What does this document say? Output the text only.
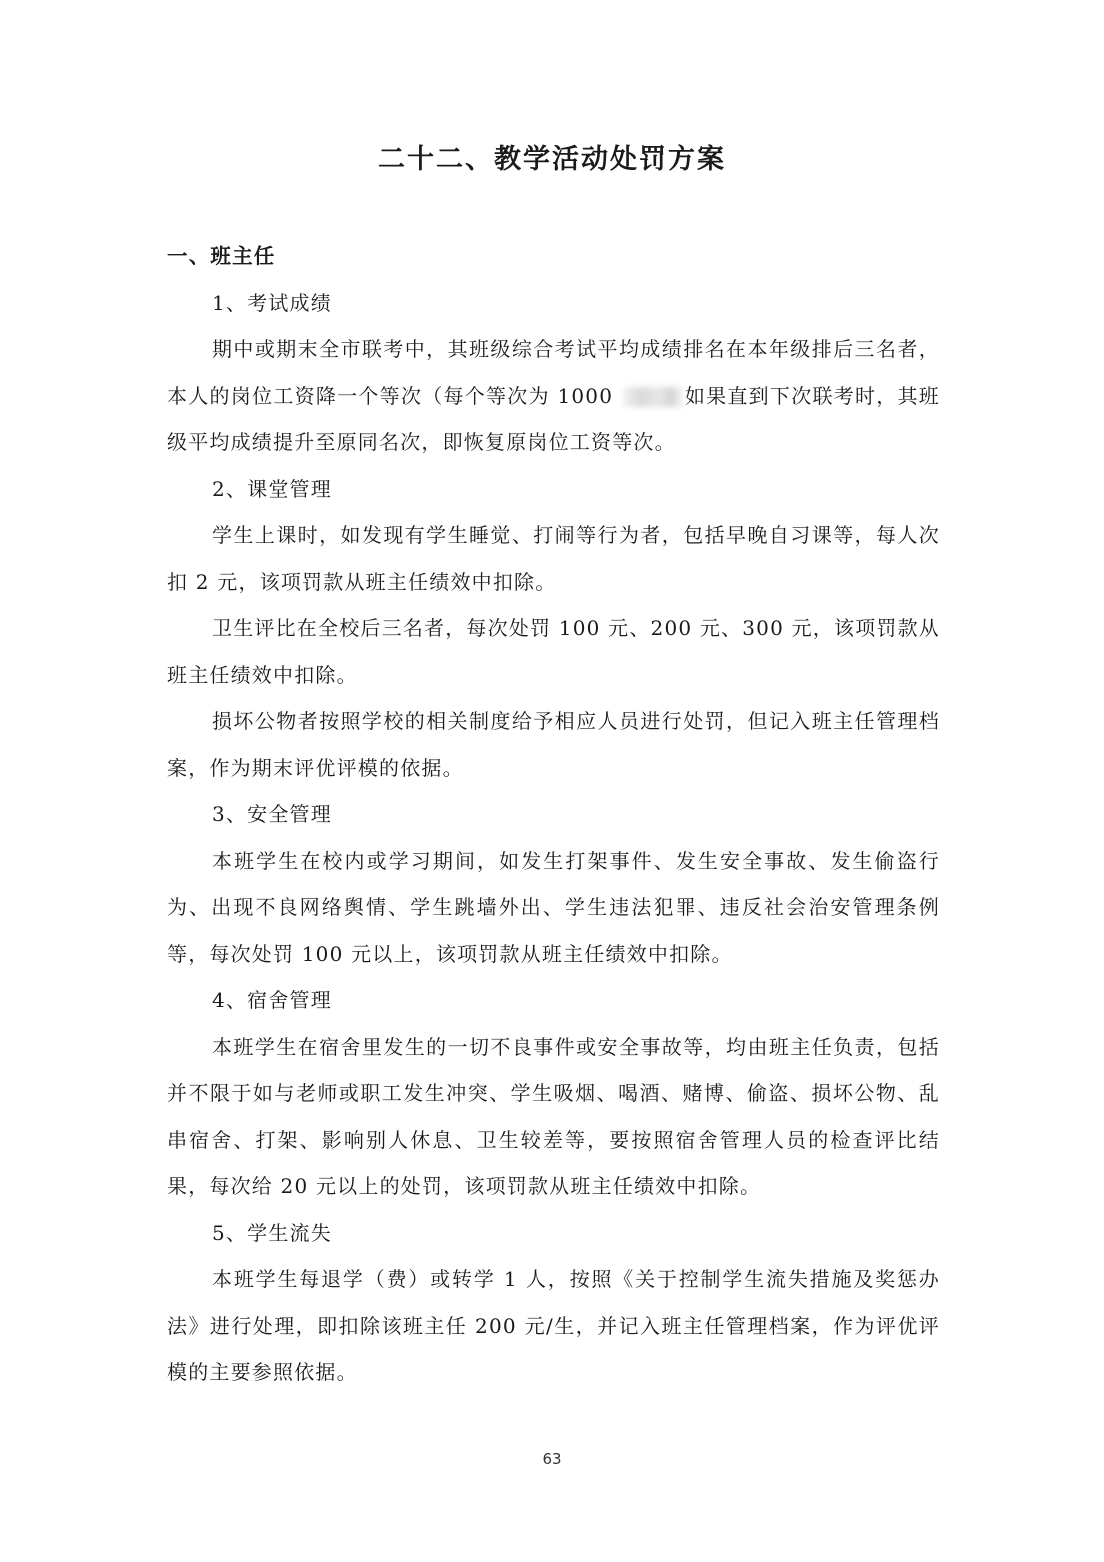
二十二、教学活动处罚方案

一、班主任

1、考试成绩

期中或期末全市联考中，其班级综合考试平均成绩排名在本年级排后三名者，本人的岗位工资降一个等次（每个等次为 1000	如果直到下次联考时，其班级平均成绩提升至原同名次，即恢复原岗位工资等次。

2、课堂管理

学生上课时，如发现有学生睡觉、打闹等行为者，包括早晚自习课等，每人次扣 2 元，该项罚款从班主任绩效中扣除。

卫生评比在全校后三名者，每次处罚 100 元、200 元、300 元，该项罚款从班主任绩效中扣除。

损坏公物者按照学校的相关制度给予相应人员进行处罚，但记入班主任管理档案，作为期末评优评模的依据。

3、安全管理

本班学生在校内或学习期间，如发生打架事件、发生安全事故、发生偷盗行为、出现不良网络舆情、学生跳墙外出、学生违法犯罪、违反社会治安管理条例等，每次处罚 100 元以上，该项罚款从班主任绩效中扣除。

4、宿舍管理

本班学生在宿舍里发生的一切不良事件或安全事故等，均由班主任负责，包括并不限于如与老师或职工发生冲突、学生吸烟、喝酒、赌博、偷盗、损坏公物、乱串宿舍、打架、影响别人休息、卫生较差等，要按照宿舍管理人员的检查评比结果，每次给 20 元以上的处罚，该项罚款从班主任绩效中扣除。

5、学生流失

本班学生每退学（费）或转学 1 人，按照《关于控制学生流失措施及奖惩办法》进行处理，即扣除该班主任 200 元/生，并记入班主任管理档案，作为评优评模的主要参照依据。

63
